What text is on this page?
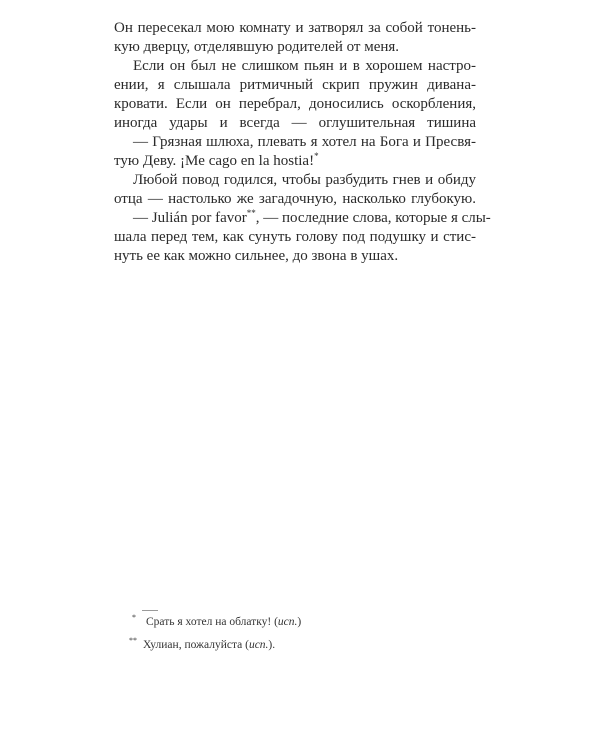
Он пересекал мою комнату и затворял за собой тонень-
кую дверцу, отделявшую родителей от меня.
Если он был не слишком пьян и в хорошем настро-
ении, я слышала ритмичный скрип пружин дивана-
кровати. Если он перебрал, доносились оскорбления,
иногда удары и всегда — оглушительная тишина
— Грязная шлюха, плевать я хотел на Бога и Пресвя-
тую Деву. ¡Me cago en la hostia!*
Любой повод годился, чтобы разбудить гнев и обиду
отца — настолько же загадочную, насколько глубокую.
— Julián por favor**, — последние слова, которые я слы-
шала перед тем, как сунуть голову под подушку и стис-
нуть ее как можно сильнее, до звона в ушах.
* Срать я хотел на облатку! (исп.)
** Хулиан, пожалуйста (исп.).
